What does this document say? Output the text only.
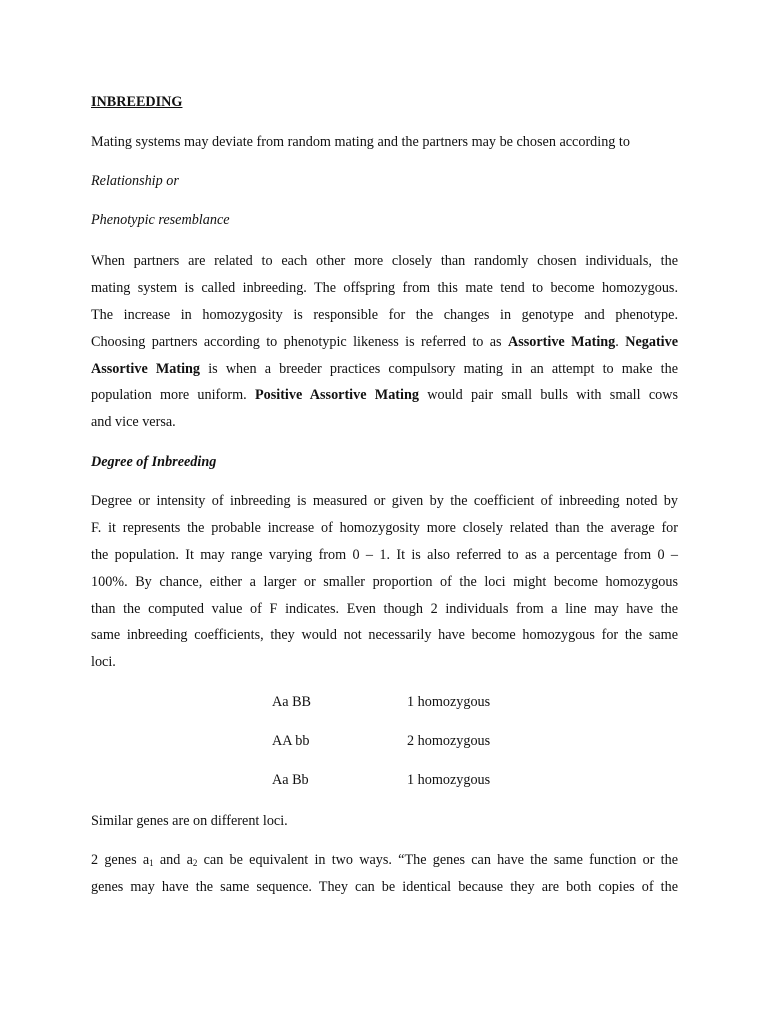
INBREEDING
Mating systems may deviate from random mating and the partners may be chosen according to
Relationship or
Phenotypic resemblance
When partners are related to each other more closely than randomly chosen individuals, the
mating system is called inbreeding. The offspring from this mate tend to become homozygous.
The increase in homozygosity is responsible for the changes in genotype and phenotype.
Choosing partners according to phenotypic likeness is referred to as Assortive Mating. Negative
Assortive Mating is when a breeder practices compulsory mating in an attempt to make the
population more uniform. Positive Assortive Mating would pair small bulls with small cows
and vice versa.
Degree of Inbreeding
Degree or intensity of inbreeding is measured or given by the coefficient of inbreeding noted by
F. it represents the probable increase of homozygosity more closely related than the average for
the population. It may range varying from 0 – 1. It is also referred to as a percentage from 0 –
100%. By chance, either a larger or smaller proportion of the loci might become homozygous
than the computed value of F indicates. Even though 2 individuals from a line may have the
same inbreeding coefficients, they would not necessarily have become homozygous for the same
loci.
Aa BB	1 homozygous
AA bb	2 homozygous
Aa Bb	1 homozygous
Similar genes are on different loci.
2 genes $a_1$ and $a_2$ can be equivalent in two ways. “The genes can have the same function or the
genes may have the same sequence. They can be identical because they are both copies of the
